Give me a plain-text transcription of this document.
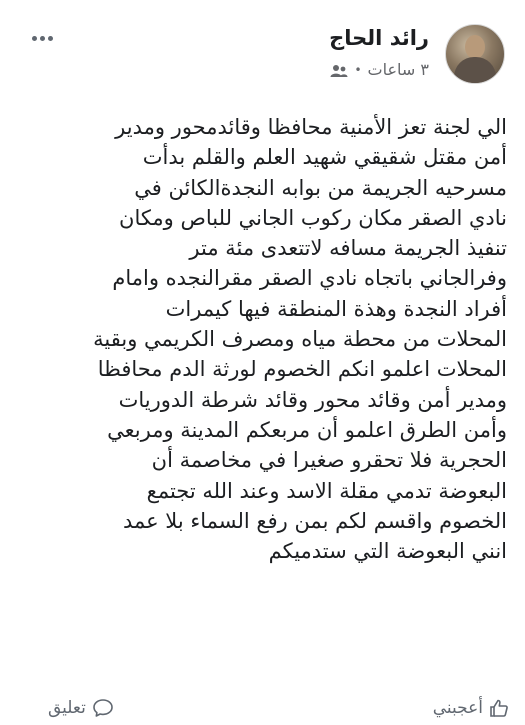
رائد الحاج
٣ ساعات
•
الي لجنة تعز الأمنية محافظا وقائدمحور ومدير
أمن مقتل شقيقي شهيد العلم والقلم بدأت
مسرحيه الجريمة من بوابه النجدةالكائن في
نادي الصقر مكان ركوب الجاني للباص ومكان
تنفيذ الجريمة مسافه لاتتعدى مئة متر
وفرالجاني باتجاه نادي الصقر مقرالنجده وامام
أفراد النجدة وهذة المنطقة فيها كيمرات
المحلات من محطة مياه ومصرف الكريمي وبقية
المحلات اعلمو انكم الخصوم لورثة الدم محافظا
ومدير أمن وقائد محور وقائد شرطة الدوريات
وأمن الطرق اعلمو أن مربعكم المدينة ومربعي
الحجرية فلا تحقرو صغيرا في مخاصمة أن
البعوضة تدمي مقلة الاسد وعند الله تجتمع
الخصوم واقسم لكم بمن رفع السماء بلا عمد
انني البعوضة التي ستدميكم
أعجبني
تعليق
